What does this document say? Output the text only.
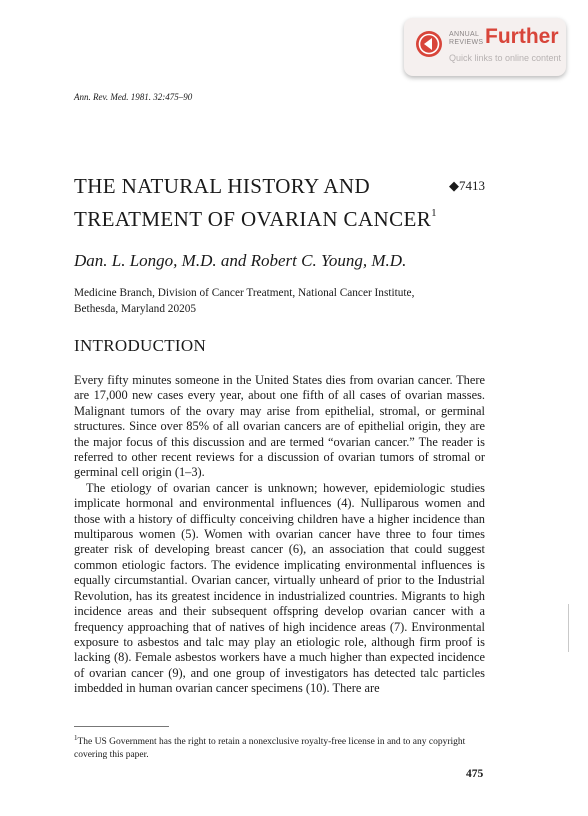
ANNUAL
REVIEWS Further
Quick links to online content
Ann. Rev. Med. 1981. 32:475–90
THE NATURAL HISTORY AND
TREATMENT OF OVARIAN CANCER$^1$
◆7413
Dan. L. Longo, M.D. and Robert C. Young, M.D.
Medicine Branch, Division of Cancer Treatment, National Cancer Institute,
Bethesda, Maryland 20205
INTRODUCTION

Every fifty minutes someone in the United States dies from ovarian cancer. There are 17,000 new cases every year, about one fifth of all cases of ovarian masses. Malignant tumors of the ovary may arise from epithelial, stromal, or germinal structures. Since over 85% of all ovarian cancers are of epithelial origin, they are the major focus of this discussion and are termed “ovarian cancer.” The reader is referred to other recent reviews for a discussion of ovarian tumors of stromal or germinal cell origin (1–3).

The etiology of ovarian cancer is unknown; however, epidemiologic studies implicate hormonal and environmental influences (4). Nulliparous women and those with a history of difficulty conceiving children have a higher incidence than multiparous women (5). Women with ovarian cancer have three to four times greater risk of developing breast cancer (6), an association that could suggest common etiologic factors. The evidence implicating environmental influences is equally circumstantial. Ovarian cancer, virtually unheard of prior to the Industrial Revolution, has its greatest incidence in industrialized countries. Migrants to high incidence areas and their subsequent offspring develop ovarian cancer with a frequency approaching that of natives of high incidence areas (7). Environmental exposure to asbestos and talc may play an etiologic role, although firm proof is lacking (8). Female asbestos workers have a much higher than expected incidence of ovarian cancer (9), and one group of investigators has detected talc particles imbedded in human ovarian cancer specimens (10). There are

$^1$The US Government has the right to retain a nonexclusive royalty-free license in and to any copyright covering this paper.
475
